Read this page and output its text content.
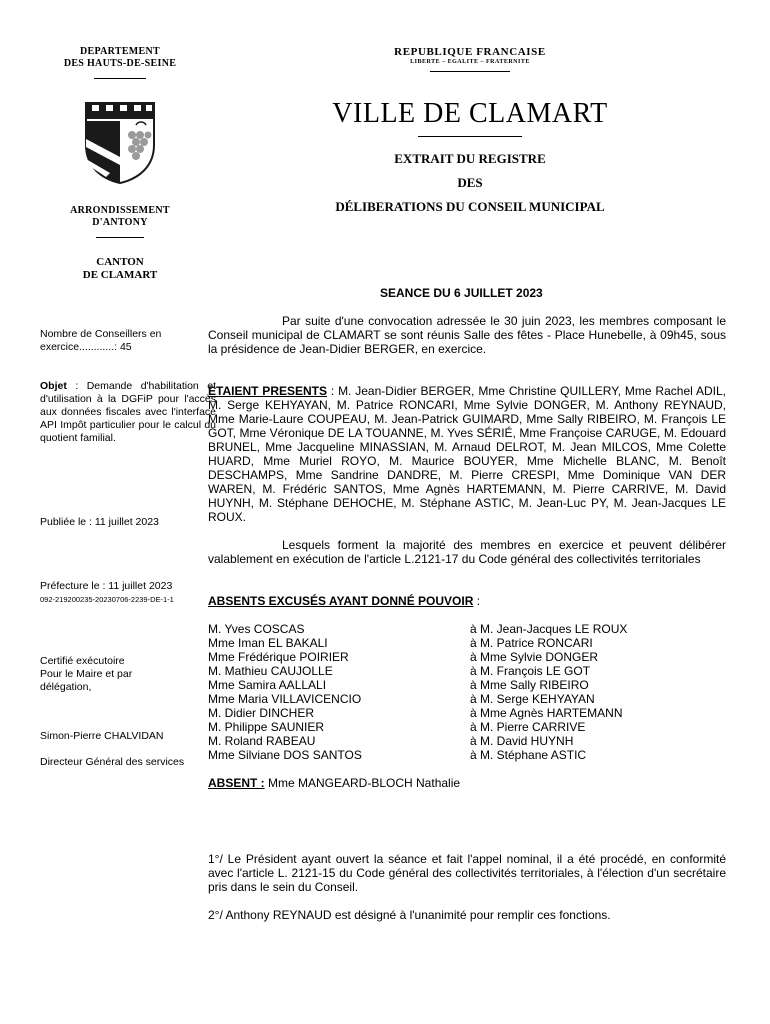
DEPARTEMENT
DES HAUTS-DE-SEINE
ARRONDISSEMENT
D'ANTONY
CANTON
DE CLAMART
REPUBLIQUE FRANCAISE
LIBERTE – EGALITE – FRATERNITE
VILLE DE CLAMART
EXTRAIT DU REGISTRE
DES
DÉLIBERATIONS DU CONSEIL MUNICIPAL
SEANCE DU 6 JUILLET 2023
Nombre de Conseillers en
exercice............: 45
Objet : Demande d'habilitation et d'utilisation à la DGFiP pour l'accès aux données fiscales avec l'interface API Impôt particulier pour le calcul du quotient familial.
Publiée le : 11 juillet 2023
Préfecture le : 11 juillet 2023
092-219200235-20230706-2239-DE-1-1
Certifié exécutoire
Pour le Maire et par
délégation,
Simon-Pierre CHALVIDAN
Directeur Général des services
Par suite d'une convocation adressée le 30 juin 2023, les membres composant le Conseil municipal de CLAMART se sont réunis Salle des fêtes - Place Hunebelle, à 09h45, sous la présidence de Jean-Didier BERGER, en exercice.
ETAIENT PRESENTS : M. Jean-Didier BERGER, Mme Christine QUILLERY, Mme Rachel ADIL, M. Serge KEHYAYAN, M. Patrice RONCARI, Mme Sylvie DONGER, M. Anthony REYNAUD, Mme Marie-Laure COUPEAU, M. Jean-Patrick GUIMARD, Mme Sally RIBEIRO, M. François LE GOT, Mme Véronique DE LA TOUANNE, M. Yves SÉRIÉ, Mme Françoise CARUGE, M. Edouard BRUNEL, Mme Jacqueline MINASSIAN, M. Arnaud DELROT, M. Jean MILCOS, Mme Colette HUARD, Mme Muriel ROYO, M. Maurice BOUYER, Mme Michelle BLANC, M. Benoît DESCHAMPS, Mme Sandrine DANDRE, M. Pierre CRESPI, Mme Dominique VAN DER WAREN, M. Frédéric SANTOS, Mme Agnès HARTEMANN, M. Pierre CARRIVE, M. David HUYNH, M. Stéphane DEHOCHE, M. Stéphane ASTIC, M. Jean-Luc PY, M. Jean-Jacques LE ROUX.
Lesquels forment la majorité des membres en exercice et peuvent délibérer valablement en exécution de l'article L.2121-17 du Code général des collectivités territoriales
ABSENTS EXCUSÉS AYANT DONNÉ POUVOIR :
M. Yves COSCAS	à M. Jean-Jacques LE ROUX
Mme Iman EL BAKALI	à M. Patrice RONCARI
Mme Frédérique POIRIER	à Mme Sylvie DONGER
M. Mathieu CAUJOLLE	à M. François LE GOT
Mme Samira AALLALI	à Mme Sally RIBEIRO
Mme Maria VILLAVICENCIO	à M. Serge KEHYAYAN
M. Didier DINCHER	à Mme Agnès HARTEMANN
M. Philippe SAUNIER	à M. Pierre CARRIVE
M. Roland RABEAU	à M. David HUYNH
Mme Silviane DOS SANTOS	à M. Stéphane ASTIC
ABSENT : Mme MANGEARD-BLOCH Nathalie
1°/ Le Président ayant ouvert la séance et fait l'appel nominal, il a été procédé, en conformité avec l'article L. 2121-15 du Code général des collectivités territoriales, à l'élection d'un secrétaire pris dans le sein du Conseil.
2°/ Anthony REYNAUD est désigné à l'unanimité pour remplir ces fonctions.
